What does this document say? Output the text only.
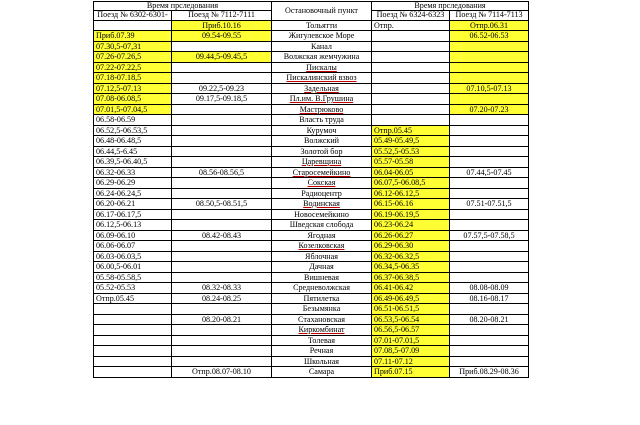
Время прследования		Остановочный пункт	Время прследования	
Поезд № 6302-6301-	Поезд № 7112-7111		Поезд № 6324-6323	Поезд № 7114-7113

	Приб.10.16	Тольятти	Отпр.	Отпр.06.31
Приб.07.39	09.54-09.55	Жигулевское Море		06.52-06.53
07.30,5-07,31		Канал		
07.26-07.26,5	09.44,5-09.45,5	Волжская жемчужина		
07.22-07.22,5		Пискалы		
07.18-07.18,5		Пискалинский взвоз		
07.12,5-07.13	09.22,5-09.23	Задельная		07.10,5-07.13
07.08-06.08,5	09.17,5-09.18,5	Пл.им. В.Грушина		
07.01,5-07.04,5		Мастрюково		07.20-07.23
06.58-06.59		Власть труда		
06.52,5-06.53,5		Курумоч	Отпр.05.45	
06.48-06.48,5		Волжский	05.49-05.49,5	
06.44,5-6.45		Золотой бор	05.52,5-05.53	
06.39,5-06.40,5		Царевщина	05.57-05.58	
06.32-06.33	08.56-08.56,5	Старосемейкино	06.04-06.05	07.44,5-07.45
06.29-06.29		Сокская	06.07,5-06.08,5	
06.24-06.24,5		Радиоцентр	06.12-06.12,5	
06.20-06.21	08.50,5-08.51,5	Водинская	06.15-06.16	07.51-07.51,5
06.17-06.17,5		Новосемейкино	06.19-06.19,5	
06.12,5-06.13		Шведская слобода	06.23-06.24	
06.09-06.10	08.42-08.43	Ягодная	06.26-06.27	07.57,5-07.58,5
06.06-06.07		Козелковская	06.29-06.30	
06.03-06.03,5		Яблочная	06.32-06.32,5	
06.00,5-06.01		Дачная	06.34,5-06.35	
05.58-05.58,5		Вишневая	06.37-06.38,5	
05.52-05.53	08.32-08.33	Средневолжская	06.41-06.42	08.08-08.09
Отпр.05.45	08.24-08.25	Пятилетка	06.49-06.49,5	08.16-08.17
		Безымянка	06.51-06.51,5	
	08.20-08.21	Стахановская	06.53,5-06.54	08.20-08.21
		Киркомбинат	06.56,5-06.57	
		Толевая	07.01-07.01,5	
		Речная	07.08,5-07.09	
		Школьная	07.11-07.12	
	Отпр.08.07-08.10	Самара	Приб.07.15	Приб.08.29-08.36
